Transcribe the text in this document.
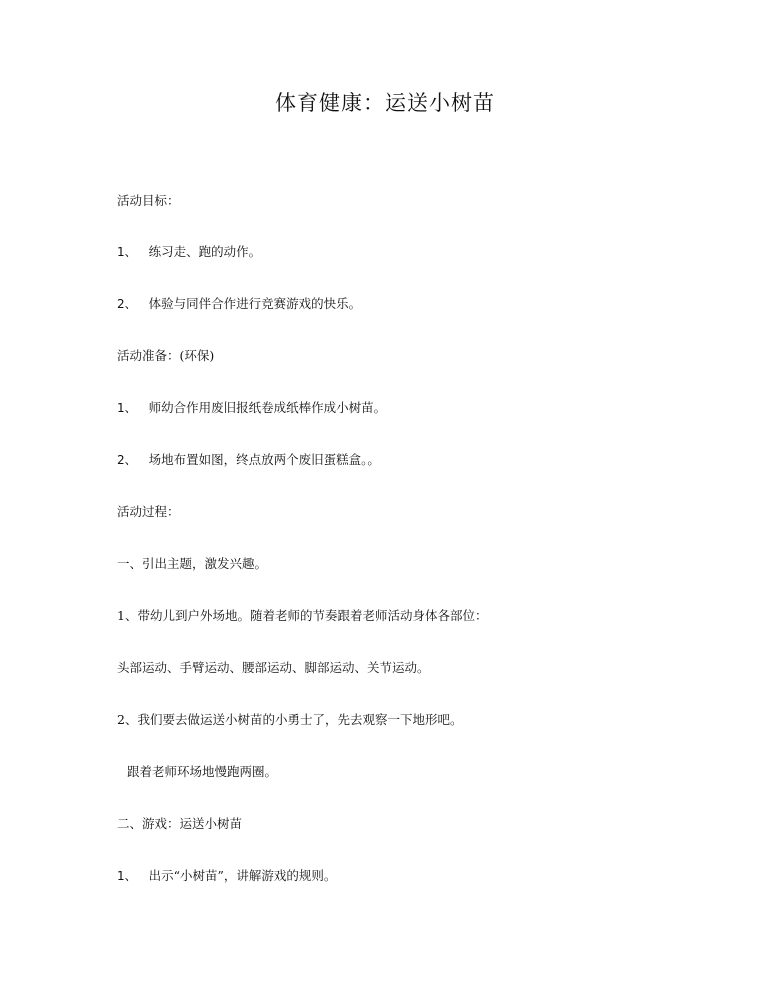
体育健康：运送小树苗
活动目标：
1、 练习走、跑的动作。
2、 体验与同伴合作进行竞赛游戏的快乐。
活动准备：(环保)
1、 师幼合作用废旧报纸卷成纸棒作成小树苗。
2、 场地布置如图，终点放两个废旧蛋糕盒。。
活动过程：
一、引出主题，激发兴趣。
1、带幼儿到户外场地。随着老师的节奏跟着老师活动身体各部位：
头部运动、手臂运动、腰部运动、脚部运动、关节运动。
2、我们要去做运送小树苗的小勇士了，先去观察一下地形吧。
跟着老师环场地慢跑两圈。
二、游戏：运送小树苗
1、 出示“小树苗”，讲解游戏的规则。
